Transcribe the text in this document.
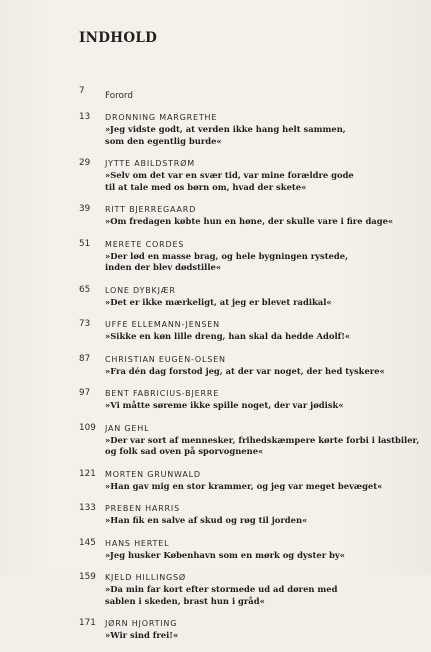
INDHOLD
7	Forord
13	DRONNING MARGRETHE
»Jeg vidste godt, at verden ikke hang helt sammen,
som den egentlig burde«
29	JYTTE ABILDSTRØM
»Selv om det var en svær tid, var mine forældre gode
til at tale med os børn om, hvad der skete«
39	RITT BJERREGAARD
»Om fredagen købte hun en høne, der skulle vare i fire dage«
51	MERETE CORDES
»Der lød en masse brag, og hele bygningen rystede,
inden der blev dødstille«
65	LONE DYBKJÆR
»Det er ikke mærkeligt, at jeg er blevet radikal«
73	UFFE ELLEMANN-JENSEN
»Sikke en køn lille dreng, han skal da hedde Adolf!«
87	CHRISTIAN EUGEN-OLSEN
»Fra dén dag forstod jeg, at der var noget, der hed tyskere«
97	BENT FABRICIUS-BJERRE
»Vi måtte søreme ikke spille noget, der var jødisk«
109	JAN GEHL
»Der var sort af mennesker, frihedskæmpere kørte forbi i lastbiler,
og folk sad oven på sporvognene«
121	MORTEN GRUNWALD
»Han gav mig en stor krammer, og jeg var meget bevæget«
133	PREBEN HARRIS
»Han fik en salve af skud og røg til jorden«
145	HANS HERTEL
»Jeg husker København som en mørk og dyster by«
159	KJELD HILLINGSØ
»Da min far kort efter stormede ud ad døren med
sablen i skeden, brast hun i gråd«
171	JØRN HJORTING
»Wir sind frei!«
